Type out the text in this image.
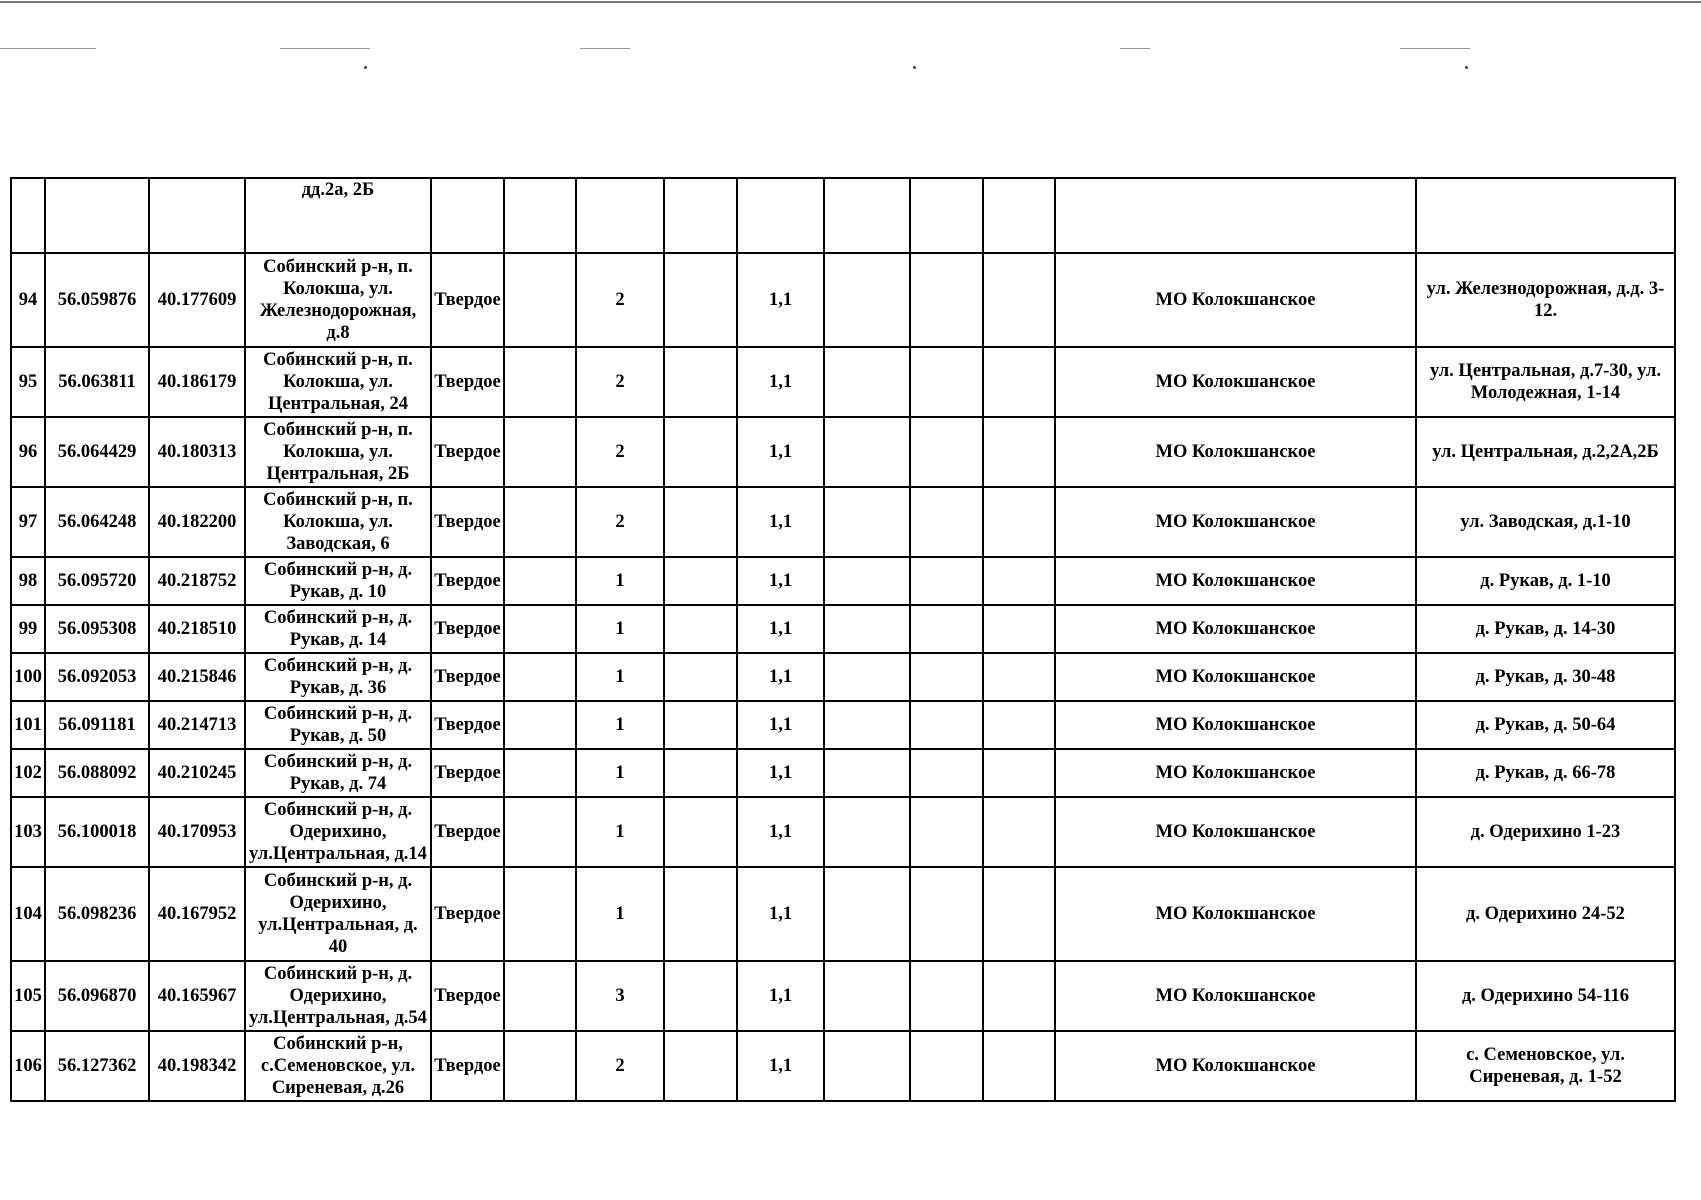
			дд.2а, 2Б										
94	56.059876	40.177609	Собинский р-н, п. Колокша, ул. Железнодорожная, д.8	Твердое		2		1,1				МО Колокшанское	ул. Железнодорожная, д.д. 3-12.
95	56.063811	40.186179	Собинский р-н, п. Колокша, ул. Центральная, 24	Твердое		2		1,1				МО Колокшанское	ул. Центральная, д.7-30, ул. Молодежная, 1-14
96	56.064429	40.180313	Собинский р-н, п. Колокша, ул. Центральная, 2Б	Твердое		2		1,1				МО Колокшанское	ул. Центральная, д.2,2А,2Б
97	56.064248	40.182200	Собинский р-н, п. Колокша, ул. Заводская, 6	Твердое		2		1,1				МО Колокшанское	ул. Заводская, д.1-10
98	56.095720	40.218752	Собинский р-н, д. Рукав, д. 10	Твердое		1		1,1				МО Колокшанское	д. Рукав, д. 1-10
99	56.095308	40.218510	Собинский р-н, д. Рукав, д. 14	Твердое		1		1,1				МО Колокшанское	д. Рукав, д. 14-30
100	56.092053	40.215846	Собинский р-н, д. Рукав, д. 36	Твердое		1		1,1				МО Колокшанское	д. Рукав, д. 30-48
101	56.091181	40.214713	Собинский р-н, д. Рукав, д. 50	Твердое		1		1,1				МО Колокшанское	д. Рукав, д. 50-64
102	56.088092	40.210245	Собинский р-н, д. Рукав, д. 74	Твердое		1		1,1				МО Колокшанское	д. Рукав, д. 66-78
103	56.100018	40.170953	Собинский р-н, д. Одерихино, ул.Центральная, д.14	Твердое		1		1,1				МО Колокшанское	д. Одерихино 1-23
104	56.098236	40.167952	Собинский р-н, д. Одерихино, ул.Центральная, д. 40	Твердое		1		1,1				МО Колокшанское	д. Одерихино 24-52
105	56.096870	40.165967	Собинский р-н, д. Одерихино, ул.Центральная, д.54	Твердое		3		1,1				МО Колокшанское	д. Одерихино 54-116
106	56.127362	40.198342	Собинский р-н, с.Семеновское, ул. Сиреневая, д.26	Твердое		2		1,1				МО Колокшанское	с. Семеновское, ул. Сиреневая, д. 1-52
